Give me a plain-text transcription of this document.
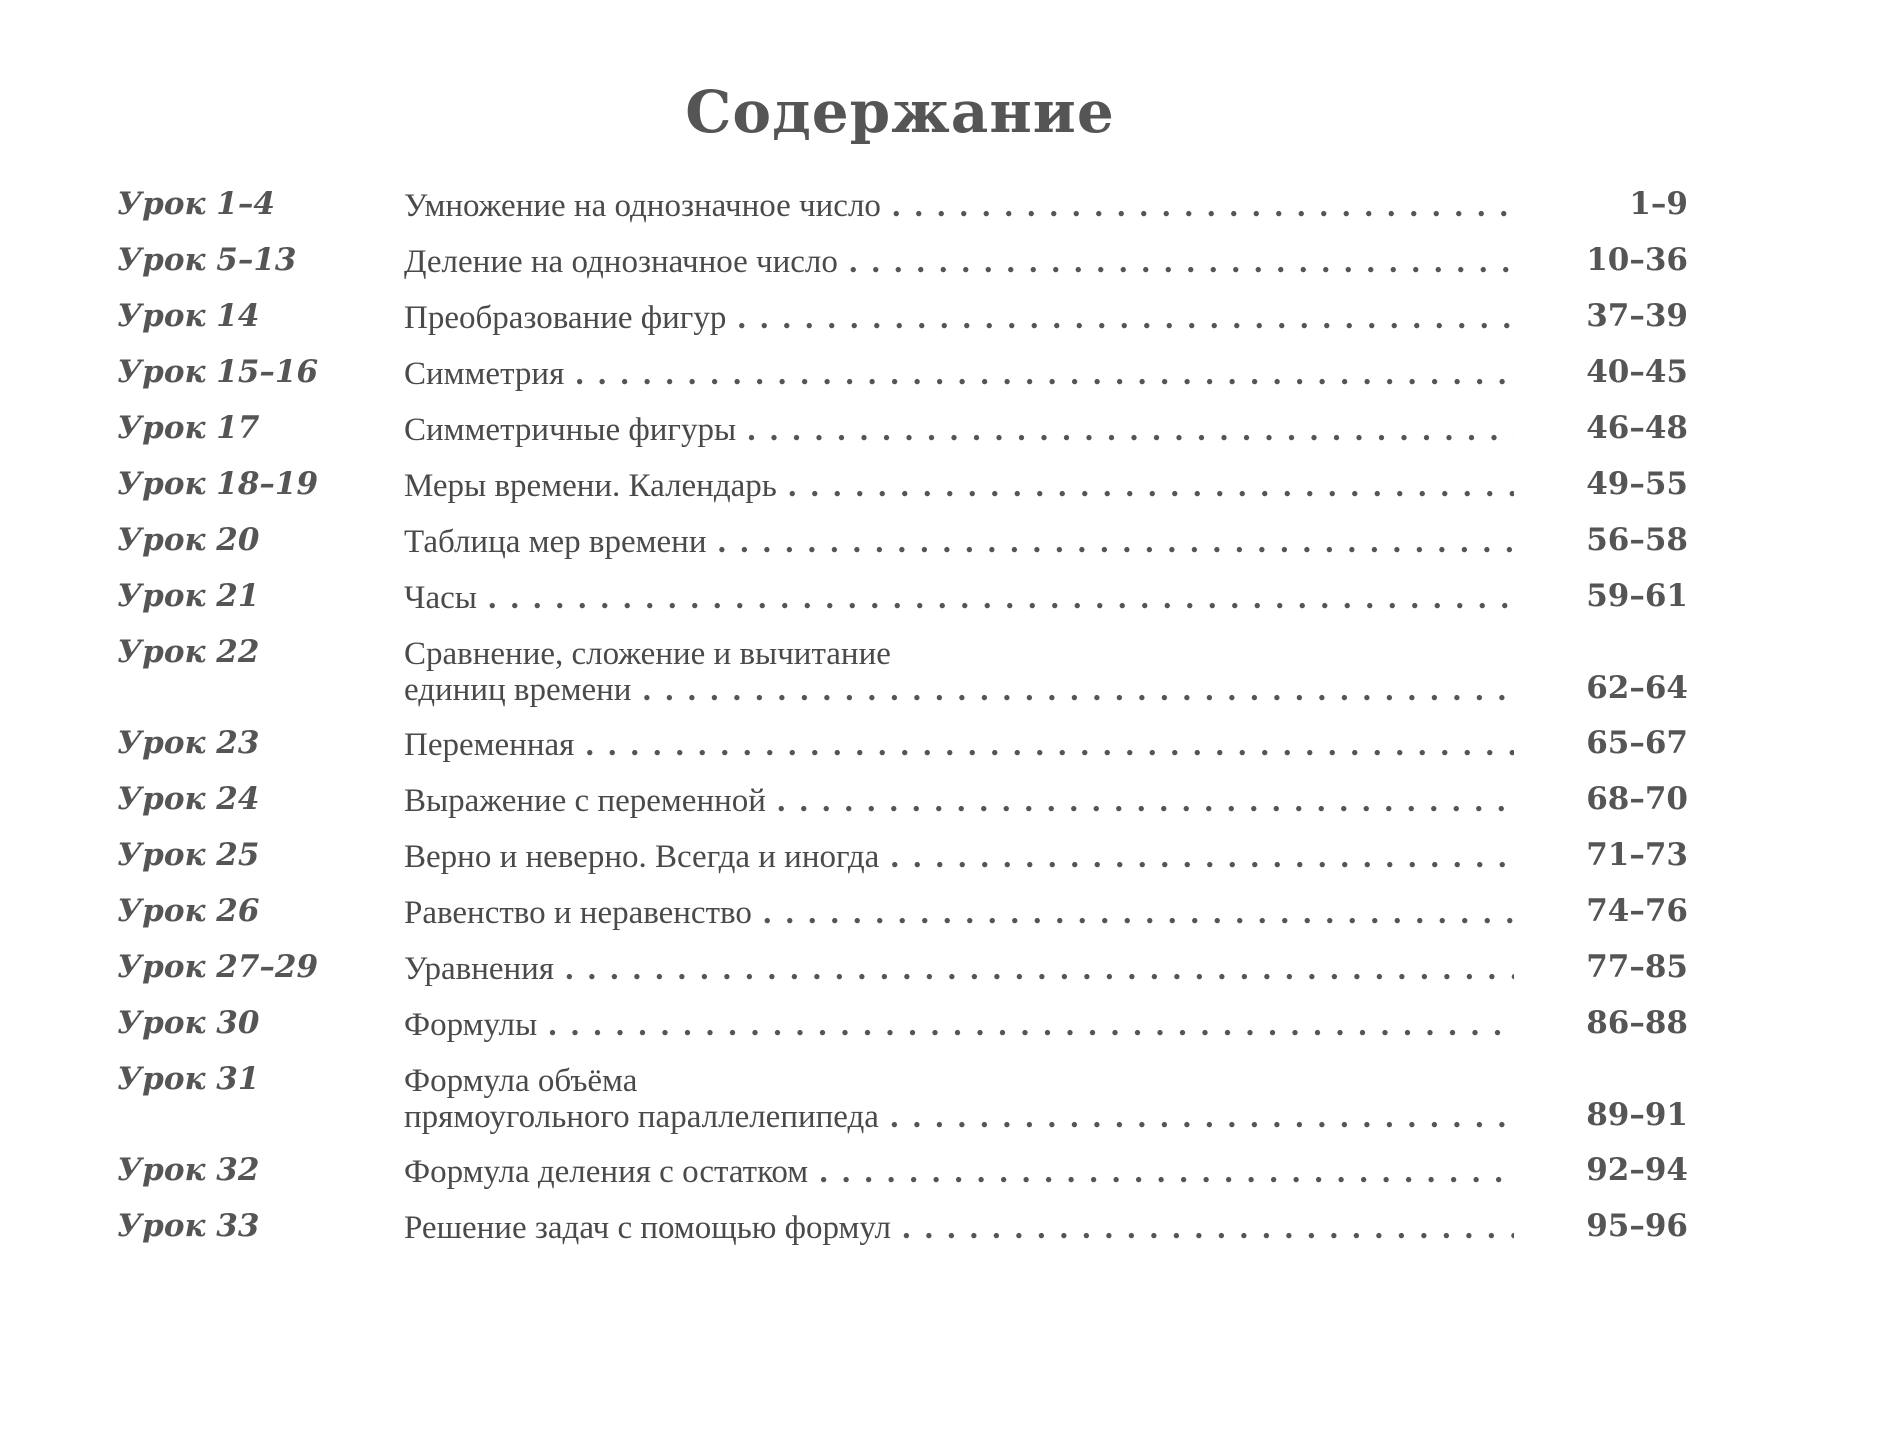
Содержание
Урок 1–4	Умножение на однозначное число . . .	1–9
Урок 5–13	Деление на однозначное число . . .	10–36
Урок 14	Преобразование фигур . . .	37–39
Урок 15–16	Симметрия . . .	40–45
Урок 17	Симметричные фигуры . . .	46–48
Урок 18–19	Меры времени. Календарь . . .	49–55
Урок 20	Таблица мер времени . . .	56–58
Урок 21	Часы . . .	59–61
Урок 22	Сравнение, сложение и вычитание
единиц времени . . .	62–64
Урок 23	Переменная . . .	65–67
Урок 24	Выражение с переменной . . .	68–70
Урок 25	Верно и неверно. Всегда и иногда . . .	71–73
Урок 26	Равенство и неравенство . . .	74–76
Урок 27–29	Уравнения . . .	77–85
Урок 30	Формулы . . .	86–88
Урок 31	Формула объёма
прямоугольного параллелепипеда . . .	89–91
Урок 32	Формула деления с остатком . . .	92–94
Урок 33	Решение задач с помощью формул . . .	95–96
